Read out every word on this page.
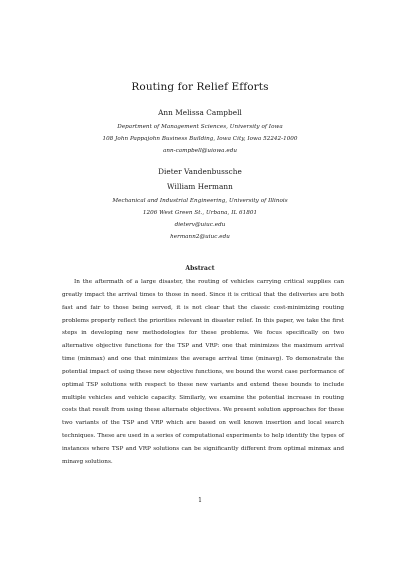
Routing for Relief Efforts
Ann Melissa Campbell
Department of Management Sciences, University of Iowa
108 John Pappajohn Business Building, Iowa City, Iowa 52242-1000
ann-campbell@uiowa.edu
Dieter Vandenbussche
William Hermann
Mechanical and Industrial Engineering, University of Illinois
1206 West Green St., Urbana, IL 61801
dieterv@uiuc.edu
hermann2@uiuc.edu
Abstract
In the aftermath of a large disaster, the routing of vehicles carrying critical supplies can greatly impact the arrival times to those in need. Since it is critical that the deliveries are both fast and fair to those being served, it is not clear that the classic cost-minimizing routing problems properly reflect the priorities relevant in disaster relief. In this paper, we take the first steps in developing new methodologies for these problems. We focus specifically on two alternative objective functions for the TSP and VRP: one that minimizes the maximum arrival time (minmax) and one that minimizes the average arrival time (minavg). To demonstrate the potential impact of using these new objective functions, we bound the worst case performance of optimal TSP solutions with respect to these new variants and extend these bounds to include multiple vehicles and vehicle capacity. Similarly, we examine the potential increase in routing costs that result from using these alternate objectives. We present solution approaches for these two variants of the TSP and VRP which are based on well known insertion and local search techniques. These are used in a series of computational experiments to help identify the types of instances where TSP and VRP solutions can be significantly different from optimal minmax and minavg solutions.
1
